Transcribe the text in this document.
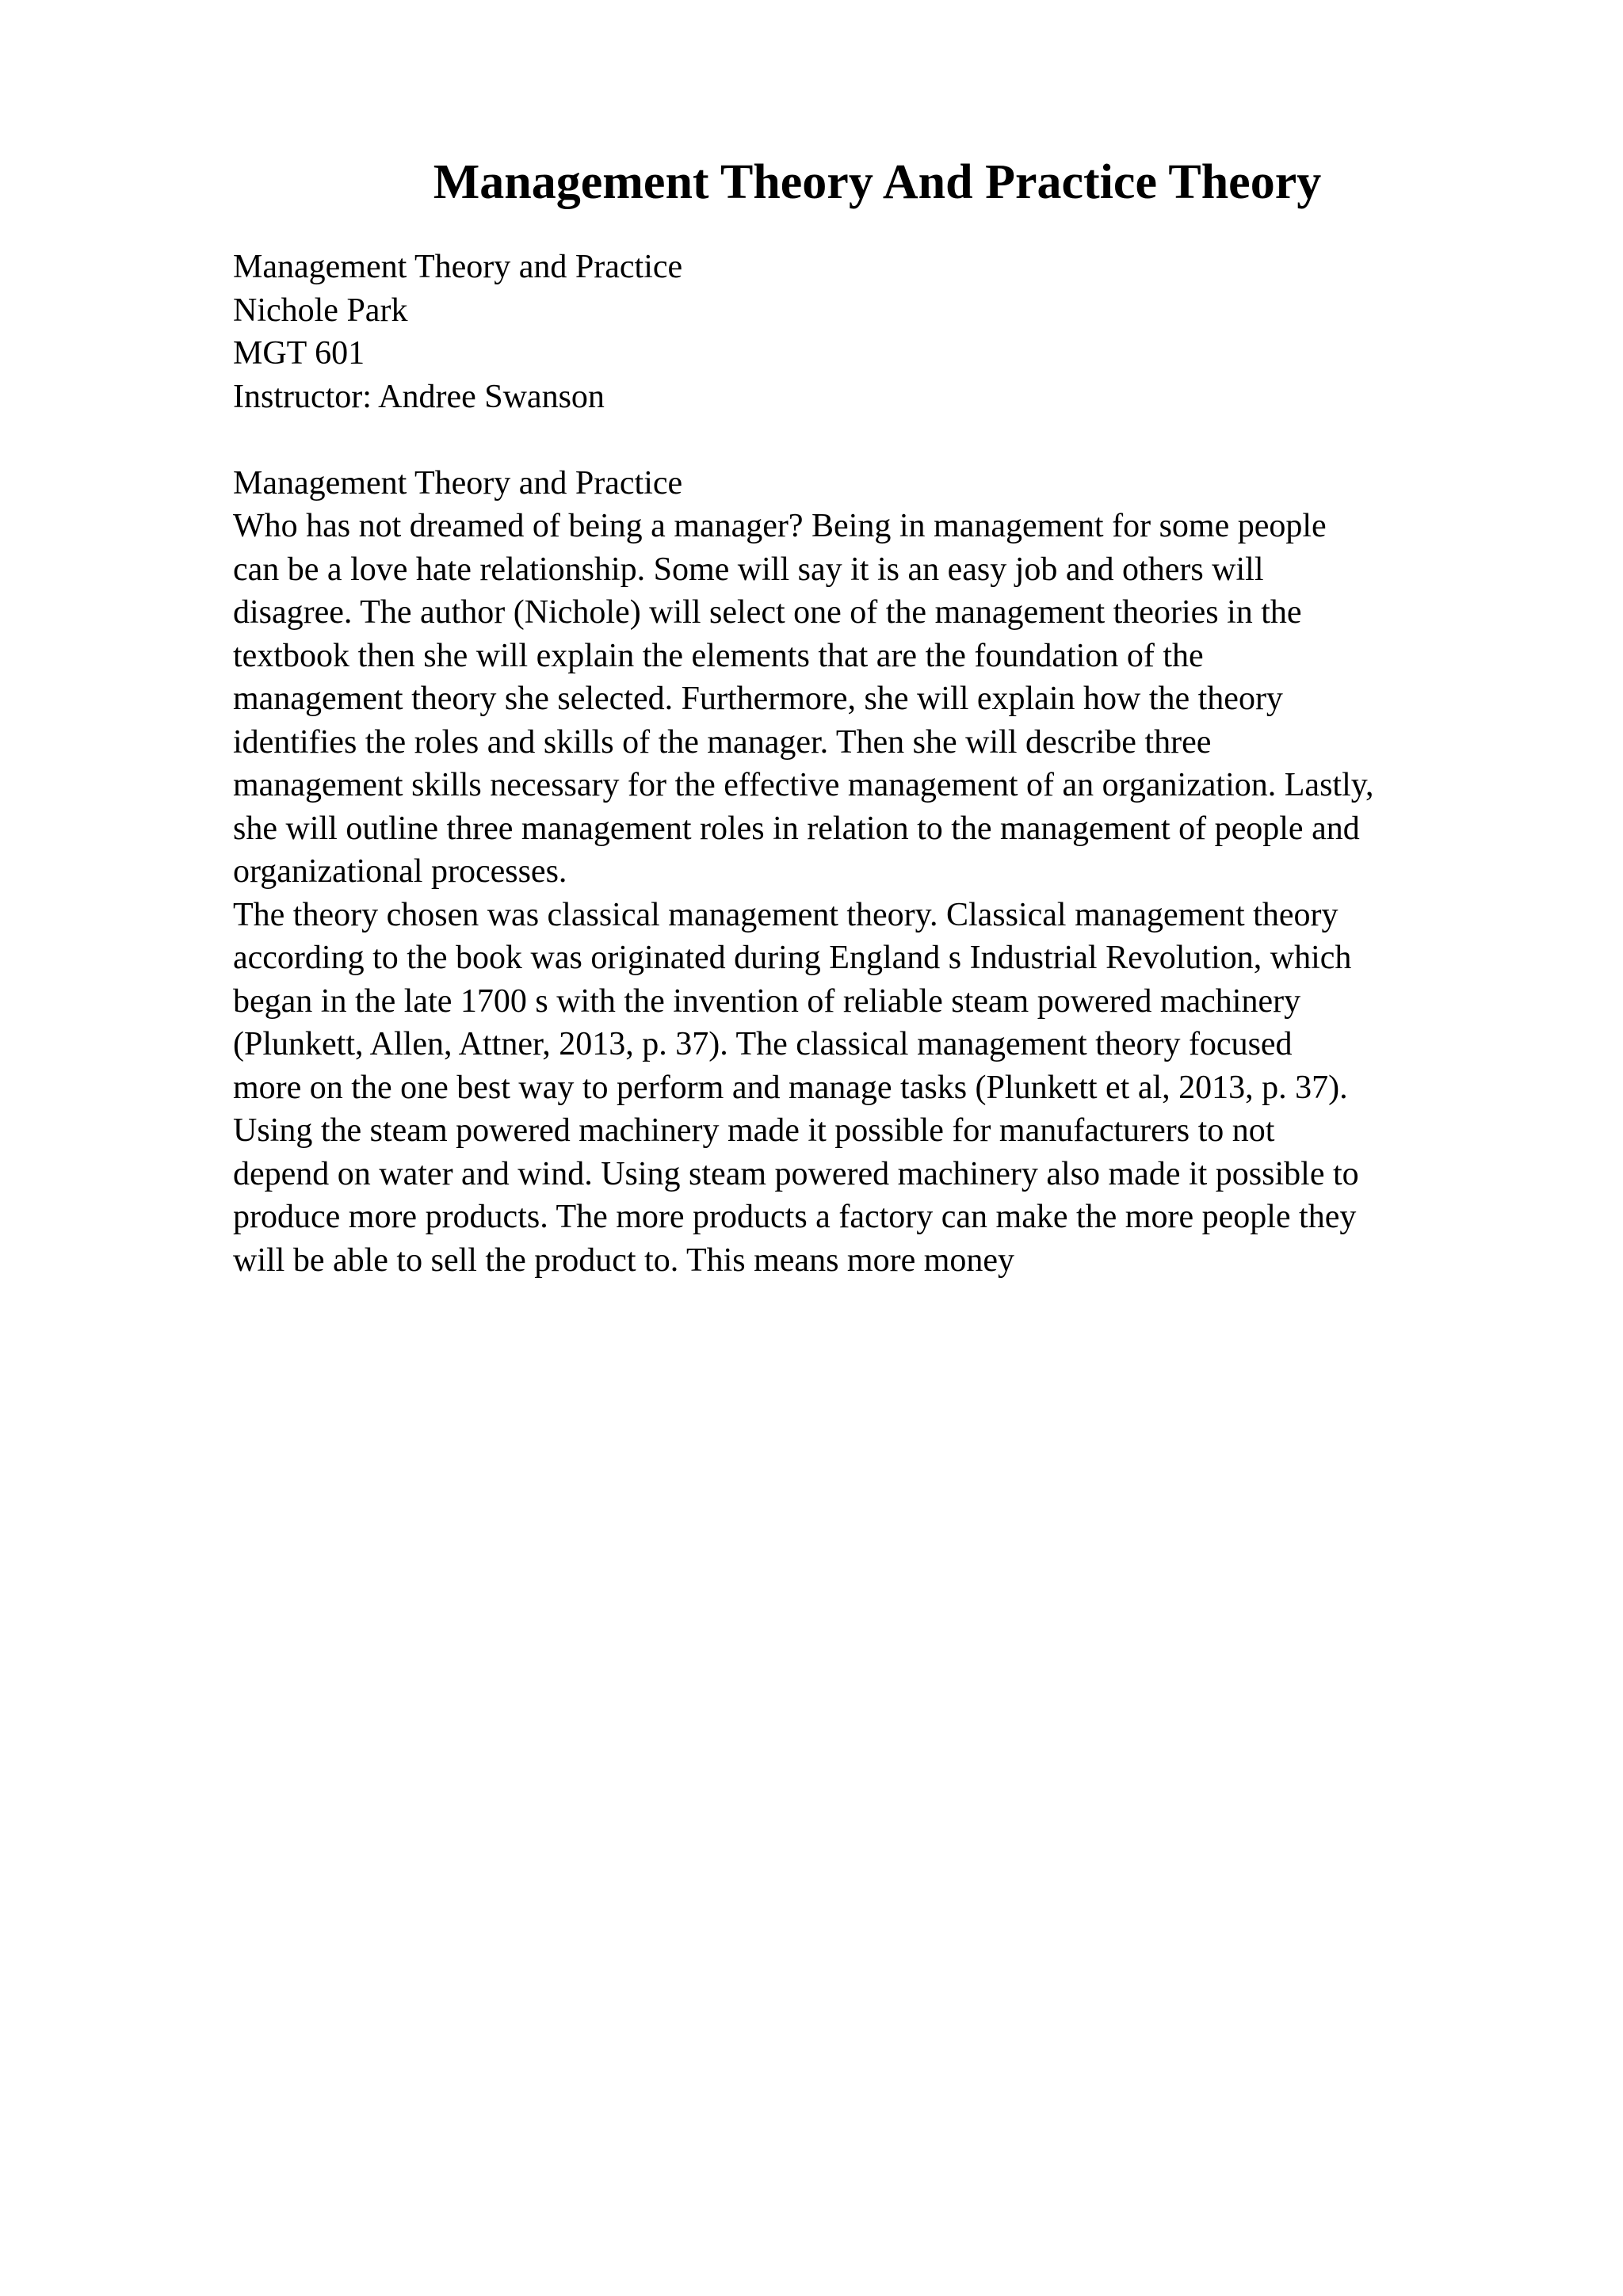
Management Theory And Practice Theory
Management Theory and Practice
Nichole Park
MGT 601
Instructor: Andree Swanson
Management Theory and Practice
Who has not dreamed of being a manager? Being in management for some people
can be a love hate relationship. Some will say it is an easy job and others will
disagree. The author (Nichole) will select one of the management theories in the
textbook then she will explain the elements that are the foundation of the
management theory she selected. Furthermore, she will explain how the theory
identifies the roles and skills of the manager. Then she will describe three
management skills necessary for the effective management of an organization. Lastly,
she will outline three management roles in relation to the management of people and
organizational processes.
The theory chosen was classical management theory. Classical management theory
according to the book was originated during England s Industrial Revolution, which
began in the late 1700 s with the invention of reliable steam powered machinery
(Plunkett, Allen, Attner, 2013, p. 37). The classical management theory focused
more on the one best way to perform and manage tasks (Plunkett et al, 2013, p. 37).
Using the steam powered machinery made it possible for manufacturers to not
depend on water and wind. Using steam powered machinery also made it possible to
produce more products. The more products a factory can make the more people they
will be able to sell the product to. This means more money
